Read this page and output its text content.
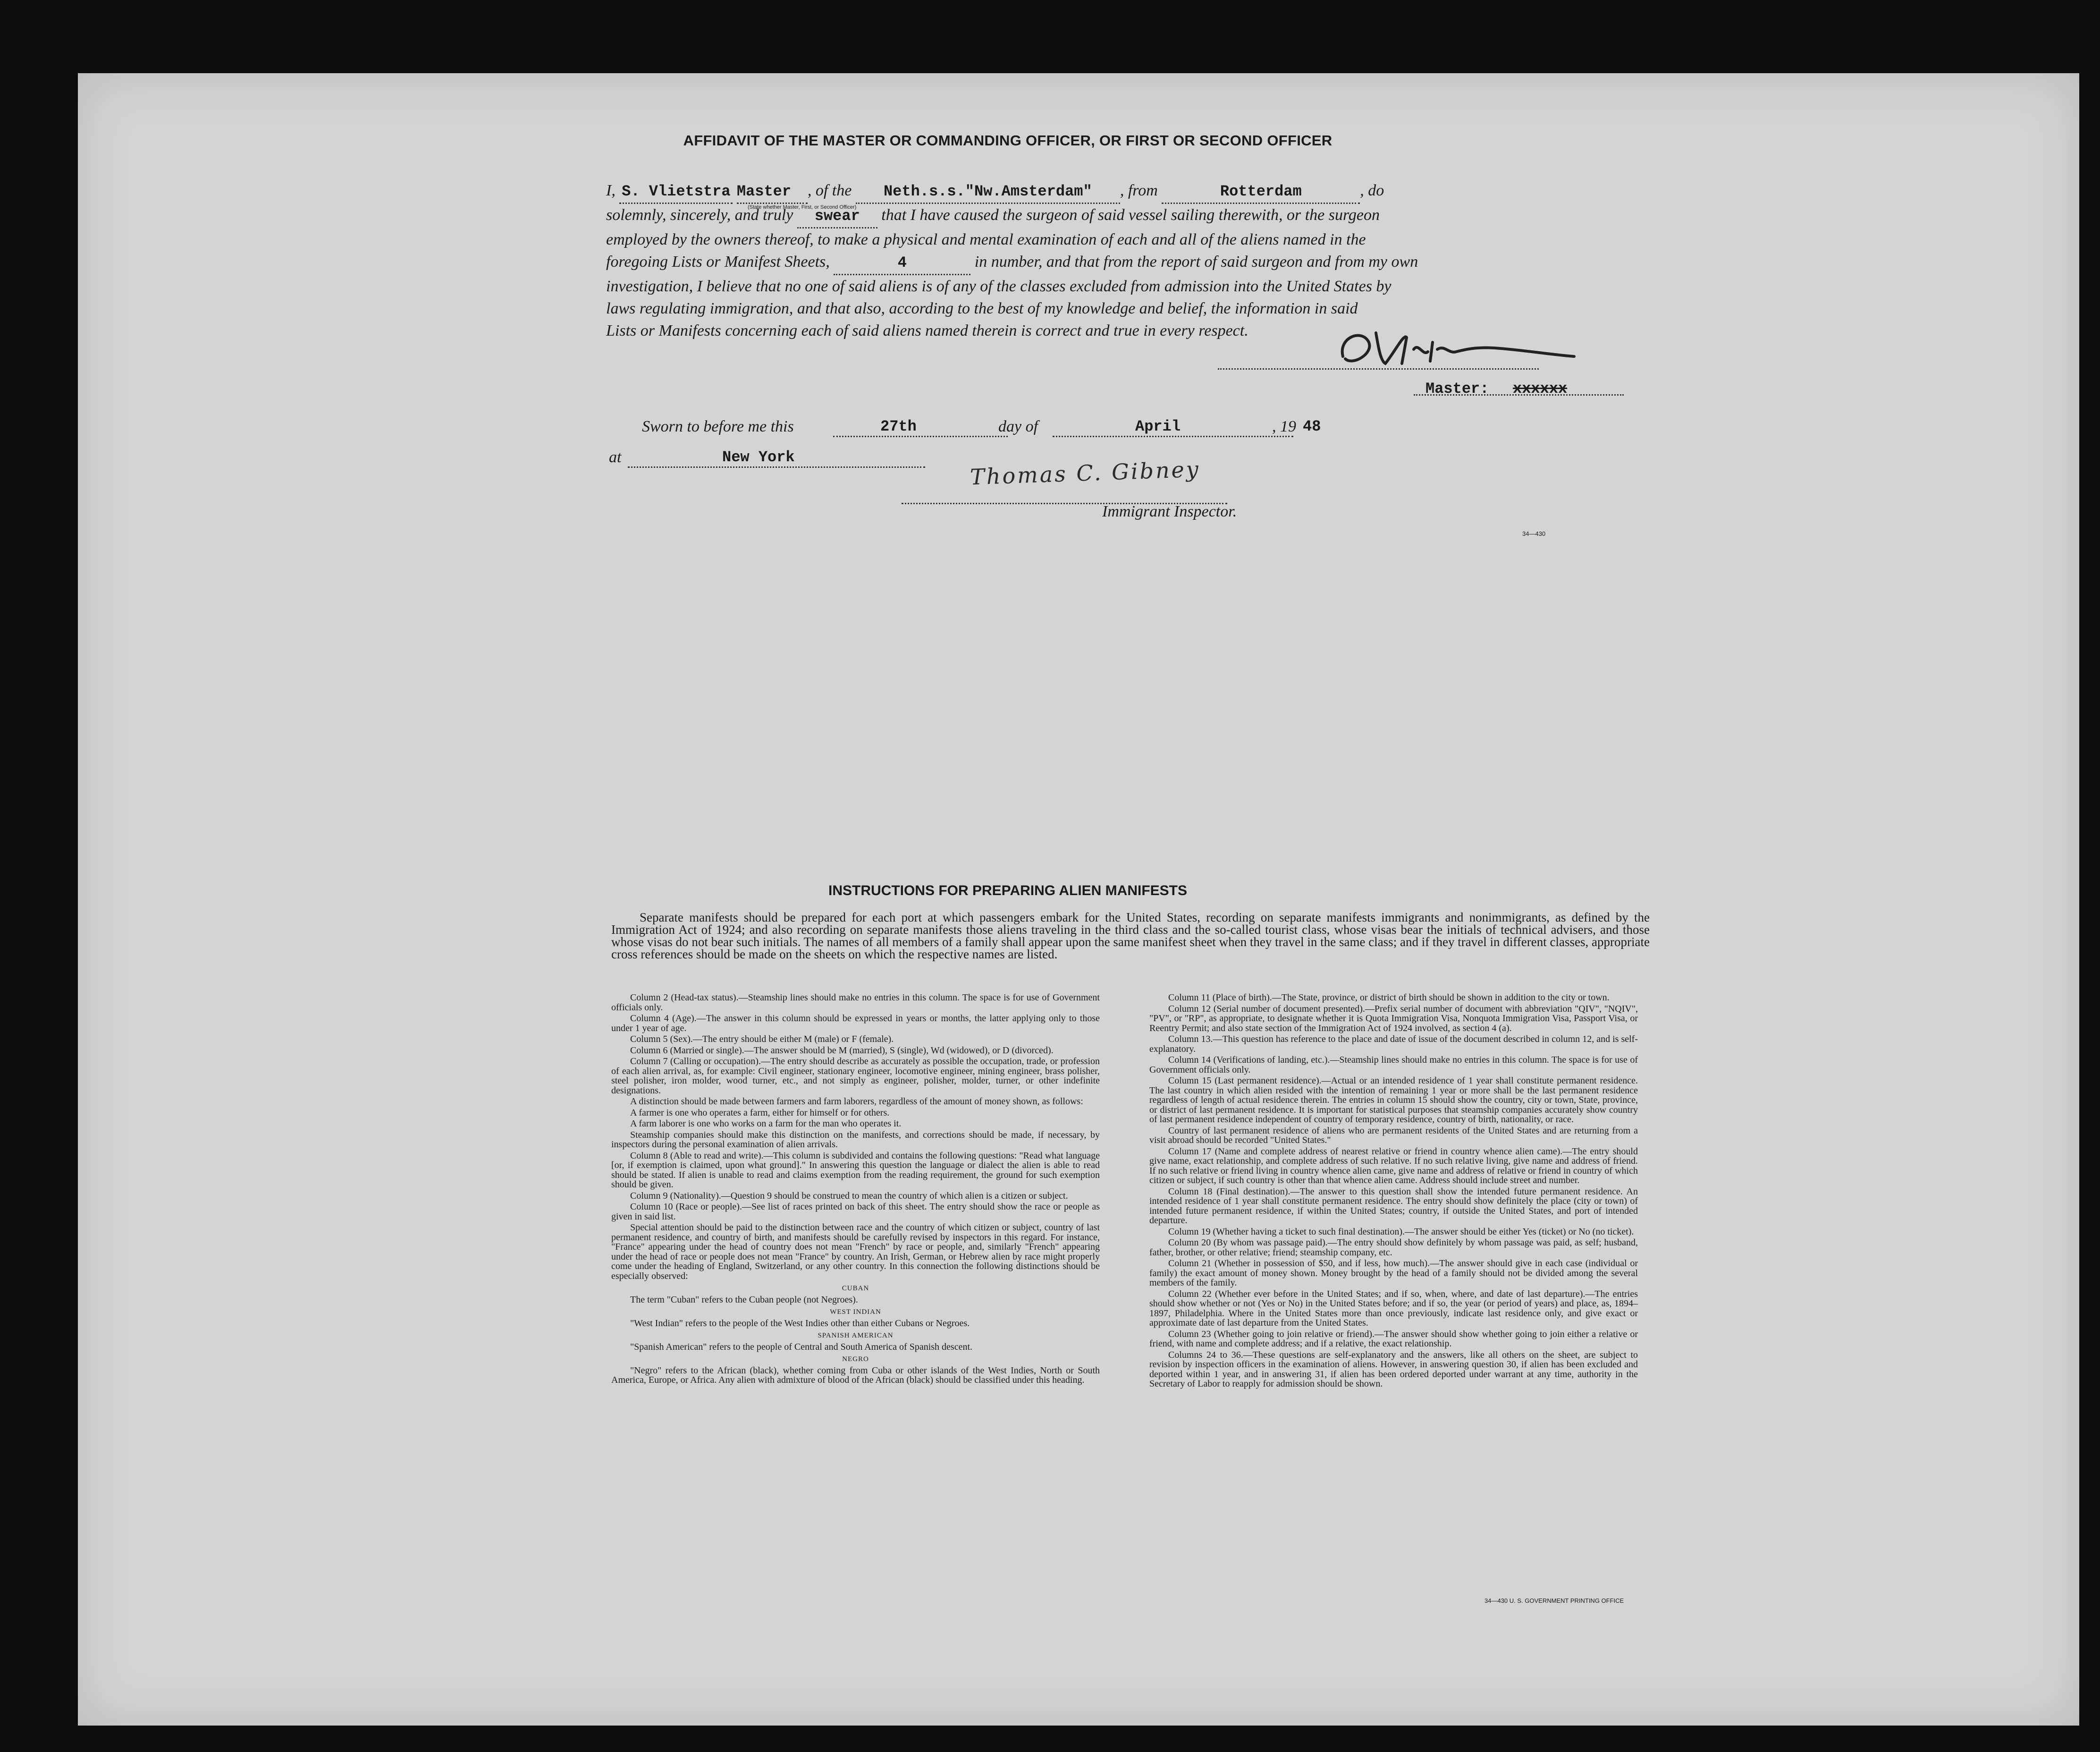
AFFIDAVIT OF THE MASTER OR COMMANDING OFFICER, OR FIRST OR SECOND OFFICER
I, S. Vlietstra Master , of the Neth.s.s."Nw.Amsterdam" , from	Rotterdam	, do
(State whether Master, First, or Second Officer)
solemnly, sincerely, and truly swear that I have caused the surgeon of said vessel sailing therewith, or the surgeon
employed by the owners thereof, to make a physical and mental examination of each and all of the aliens named in the
foregoing Lists or Manifest Sheets,	4	in number, and that from the report of said surgeon and from my own
investigation, I believe that no one of said aliens is of any of the classes excluded from admission into the United States by
laws regulating immigration, and that also, according to the best of my knowledge and belief, the information in said
Lists or Manifests concerning each of said aliens named therein is correct and true in every respect.
Master: xxxxxx
Sworn to before me this	27th	day of	April	, 19 48
at	New York	Thomas C. Gibney
Immigrant Inspector.
34—430
INSTRUCTIONS FOR PREPARING ALIEN MANIFESTS
Separate manifests should be prepared for each port at which passengers embark for the United States, recording on separate manifests immigrants and nonimmigrants, as defined by the Immigration Act of 1924; and also recording on separate manifests those aliens traveling in the third class and the so-called tourist class, whose visas bear the initials of technical advisers, and those whose visas do not bear such initials. The names of all members of a family shall appear upon the same manifest sheet when they travel in the same class; and if they travel in different classes, appropriate cross references should be made on the sheets on which the respective names are listed.

Column 2 (Head-tax status).—Steamship lines should make no entries in this column. The space is for use of Government officials only.

Column 4 (Age).—The answer in this column should be expressed in years or months, the latter applying only to those under 1 year of age.

Column 5 (Sex).—The entry should be either M (male) or F (female).

Column 6 (Married or single).—The answer should be M (married), S (single), Wd (widowed), or D (divorced).

Column 7 (Calling or occupation).—The entry should describe as accurately as possible the occupation, trade, or profession of each alien arrival, as, for example: Civil engineer, stationary engineer, locomotive engineer, mining engineer, brass polisher, steel polisher, iron molder, wood turner, etc., and not simply as engineer, polisher, molder, turner, or other indefinite designations.

A distinction should be made between farmers and farm laborers, regardless of the amount of money shown, as follows:

A farmer is one who operates a farm, either for himself or for others.

A farm laborer is one who works on a farm for the man who operates it.

Steamship companies should make this distinction on the manifests, and corrections should be made, if necessary, by inspectors during the personal examination of alien arrivals.

Column 8 (Able to read and write).—This column is subdivided and contains the following questions: "Read what language [or, if exemption is claimed, upon what ground]." In answering this question the language or dialect the alien is able to read should be stated. If alien is unable to read and claims exemption from the reading requirement, the ground for such exemption should be given.

Column 9 (Nationality).—Question 9 should be construed to mean the country of which alien is a citizen or subject.

Column 10 (Race or people).—See list of races printed on back of this sheet. The entry should show the race or people as given in said list.

Special attention should be paid to the distinction between race and the country of which citizen or subject, country of last permanent residence, and country of birth, and manifests should be carefully revised by inspectors in this regard. For instance, "France" appearing under the head of country does not mean "French" by race or people, and, similarly "French" appearing under the head of race or people does not mean "France" by country. An Irish, German, or Hebrew alien by race might properly come under the heading of England, Switzerland, or any other country. In this connection the following distinctions should be especially observed:

CUBAN

The term "Cuban" refers to the Cuban people (not Negroes).

WEST INDIAN

"West Indian" refers to the people of the West Indies other than either Cubans or Negroes.

SPANISH AMERICAN

"Spanish American" refers to the people of Central and South America of Spanish descent.

NEGRO

"Negro" refers to the African (black), whether coming from Cuba or other islands of the West Indies, North or South America, Europe, or Africa. Any alien with admixture of blood of the African (black) should be classified under this heading.

Column 11 (Place of birth).—The State, province, or district of birth should be shown in addition to the city or town.

Column 12 (Serial number of document presented).—Prefix serial number of document with abbreviation "QIV", "NQIV", "PV", or "RP", as appropriate, to designate whether it is Quota Immigration Visa, Nonquota Immigration Visa, Passport Visa, or Reentry Permit; and also state section of the Immigration Act of 1924 involved, as section 4 (a).

Column 13.—This question has reference to the place and date of issue of the document described in column 12, and is self-explanatory.

Column 14 (Verifications of landing, etc.).—Steamship lines should make no entries in this column. The space is for use of Government officials only.

Column 15 (Last permanent residence).—Actual or an intended residence of 1 year shall constitute permanent residence. The last country in which alien resided with the intention of remaining 1 year or more shall be the last permanent residence regardless of length of actual residence therein. The entries in column 15 should show the country, city or town, State, province, or district of last permanent residence. It is important for statistical purposes that steamship companies accurately show country of last permanent residence independent of country of temporary residence, country of birth, nationality, or race.

Country of last permanent residence of aliens who are permanent residents of the United States and are returning from a visit abroad should be recorded "United States."

Column 17 (Name and complete address of nearest relative or friend in country whence alien came).—The entry should give name, exact relationship, and complete address of such relative. If no such relative living, give name and address of friend. If no such relative or friend living in country whence alien came, give name and address of relative or friend in country of which citizen or subject, if such country is other than that whence alien came. Address should include street and number.

Column 18 (Final destination).—The answer to this question shall show the intended future permanent residence. An intended residence of 1 year shall constitute permanent residence. The entry should show definitely the place (city or town) of intended future permanent residence, if within the United States; country, if outside the United States, and port of intended departure.

Column 19 (Whether having a ticket to such final destination).—The answer should be either Yes (ticket) or No (no ticket).

Column 20 (By whom was passage paid).—The entry should show definitely by whom passage was paid, as self; husband, father, brother, or other relative; friend; steamship company, etc.

Column 21 (Whether in possession of $50, and if less, how much).—The answer should give in each case (individual or family) the exact amount of money shown. Money brought by the head of a family should not be divided among the several members of the family.

Column 22 (Whether ever before in the United States; and if so, when, where, and date of last departure).—The entries should show whether or not (Yes or No) in the United States before; and if so, the year (or period of years) and place, as, 1894–1897, Philadelphia. Where in the United States more than once previously, indicate last residence only, and give exact or approximate date of last departure from the United States.

Column 23 (Whether going to join relative or friend).—The answer should show whether going to join either a relative or friend, with name and complete address; and if a relative, the exact relationship.

Columns 24 to 36.—These questions are self-explanatory and the answers, like all others on the sheet, are subject to revision by inspection officers in the examination of aliens. However, in answering question 30, if alien has been excluded and deported within 1 year, and in answering 31, if alien has been ordered deported under warrant at any time, authority in the Secretary of Labor to reapply for admission should be shown.

34—430 U. S. GOVERNMENT PRINTING OFFICE
